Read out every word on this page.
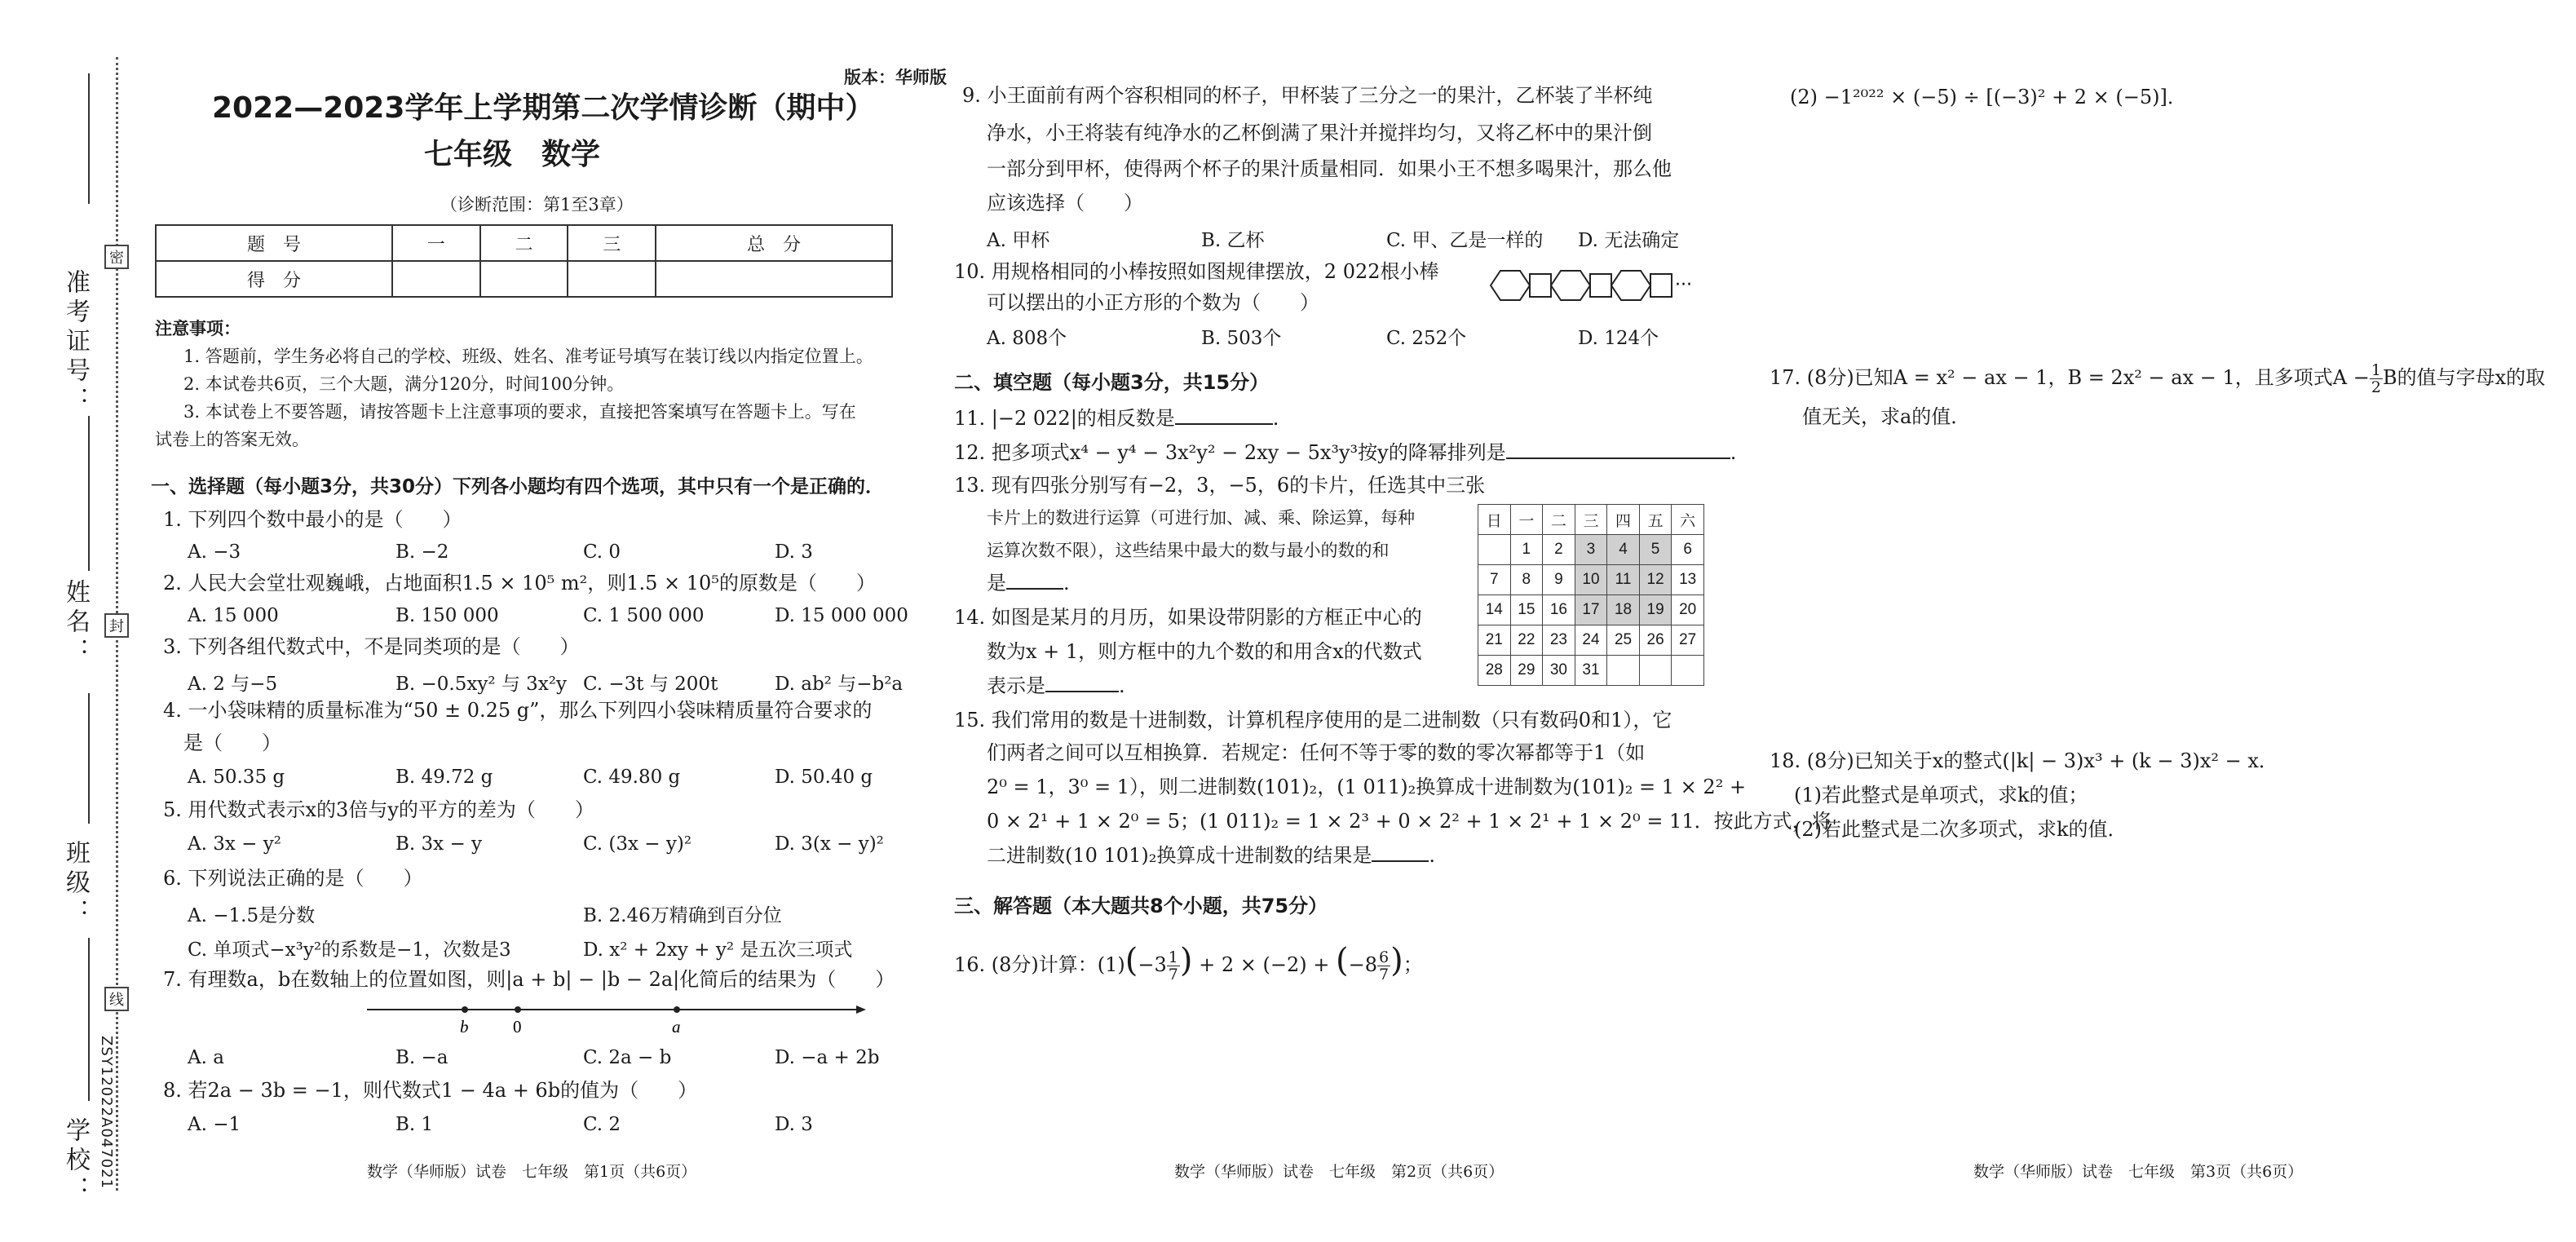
准考证号：
姓名：
班级：
学校：
密
封
线
ZSY12022A047021
版本：华师版
2022—2023学年上学期第二次学情诊断（期中）
七年级　数学
（诊断范围：第1至3章）
题　号	一	二	三	总　分
得　分				
注意事项：
1. 答题前，学生务必将自己的学校、班级、姓名、准考证号填写在装订线以内指定位置上。
2. 本试卷共6页，三个大题，满分120分，时间100分钟。
3. 本试卷上不要答题，请按答题卡上注意事项的要求，直接把答案填写在答题卡上。写在
试卷上的答案无效。
一、选择题（每小题3分，共30分）下列各小题均有四个选项，其中只有一个是正确的．
1. 下列四个数中最小的是（　　）
A. −3	B. −2	C. 0	D. 3
2. 人民大会堂壮观巍峨，占地面积1.5 × 10⁵ m²，则1.5 × 10⁵的原数是（　　）
A. 15 000	B. 150 000	C. 1 500 000	D. 15 000 000
3. 下列各组代数式中，不是同类项的是（　　）
A. 2 与−5	B. −0.5xy² 与 3x²y C. −3t 与 200t	D. ab² 与−b²a
4. 一小袋味精的质量标准为“50 ± 0.25 g”，那么下列四小袋味精质量符合要求的
是（　　）
A. 50.35 g	B. 49.72 g	C. 49.80 g	D. 50.40 g
5. 用代数式表示x的3倍与y的平方的差为（　　）
A. 3x − y²	B. 3x − y	C. (3x − y)²	D. 3(x − y)²
6. 下列说法正确的是（　　）
A. −1.5是分数	B. 2.46万精确到百分位
C. 单项式−x³y²的系数是−1，次数是3	D. x² + 2xy + y² 是五次三项式
7. 有理数a，b在数轴上的位置如图，则|a + b| − |b − 2a|化简后的结果为（　　）
b	0	a
A. a	B. −a	C. 2a − b	D. −a + 2b
8. 若2a − 3b = −1，则代数式1 − 4a + 6b的值为（　　）
A. −1	B. 1	C. 2	D. 3
数学（华师版）试卷　七年级　第1页（共6页）
9. 小王面前有两个容积相同的杯子，甲杯装了三分之一的果汁，乙杯装了半杯纯
净水，小王将装有纯净水的乙杯倒满了果汁并搅拌均匀，又将乙杯中的果汁倒
一部分到甲杯，使得两个杯子的果汁质量相同．如果小王不想多喝果汁，那么他
应该选择（　　）
A. 甲杯	B. 乙杯	C. 甲、乙是一样的 D. 无法确定
10. 用规格相同的小棒按照如图规律摆放，2 022根小棒
可以摆出的小正方形的个数为（　　）
···
A. 808个	B. 503个	C. 252个	D. 124个
二、填空题（每小题3分，共15分）
11. |−2 022|的相反数是	.
12. 把多项式x⁴ − y⁴ − 3x²y² − 2xy − 5x³y³按y的降幂排列是	.
13. 现有四张分别写有−2，3，−5，6的卡片，任选其中三张
卡片上的数进行运算（可进行加、减、乘、除运算，每种
运算次数不限），这些结果中最大的数与最小的数的和
是	.
14. 如图是某月的月历，如果设带阴影的方框正中心的
数为x + 1，则方框中的九个数的和用含x的代数式
表示是	.
日	一	二	三	四	五	六
	1	2	3	4	5	6
7	8	9	10	11	12	13
14	15	16	17	18	19	20
21	22	23	24	25	26	27
28	29	30	31			
15. 我们常用的数是十进制数，计算机程序使用的是二进制数（只有数码0和1），它
们两者之间可以互相换算．若规定：任何不等于零的数的零次幂都等于1（如
2⁰ = 1，3⁰ = 1），则二进制数(101)₂，(1 011)₂换算成十进制数为(101)₂ = 1 × 2² +
0 × 2¹ + 1 × 2⁰ = 5；(1 011)₂ = 1 × 2³ + 0 × 2² + 1 × 2¹ + 1 × 2⁰ = 11．按此方式，将
二进制数(10 101)₂换算成十进制数的结果是	.
三、解答题（本大题共8个小题，共75分）
16. (8分)计算：$(1)(-3 \frac{1}{7}$ ) + $2 \times (-2) + (-8 \frac{6}{7}$ )；
数学（华师版）试卷　七年级　第2页（共6页）
(2) −1²⁰²² × (−5) ÷ [(−3)² + 2 × (−5)]．
17. (8分)已知A = x² − ax − 1，B = 2x² − ax − 1，且多项式$A - \frac{1}{2}$ B的值与字母x的取
值无关，求a的值．
18. (8分)已知关于x的整式(|k| − 3)x³ + (k − 3)x² − x．
(1)若此整式是单项式，求k的值；
(2)若此整式是二次多项式，求k的值．
数学（华师版）试卷　七年级　第3页（共6页）
